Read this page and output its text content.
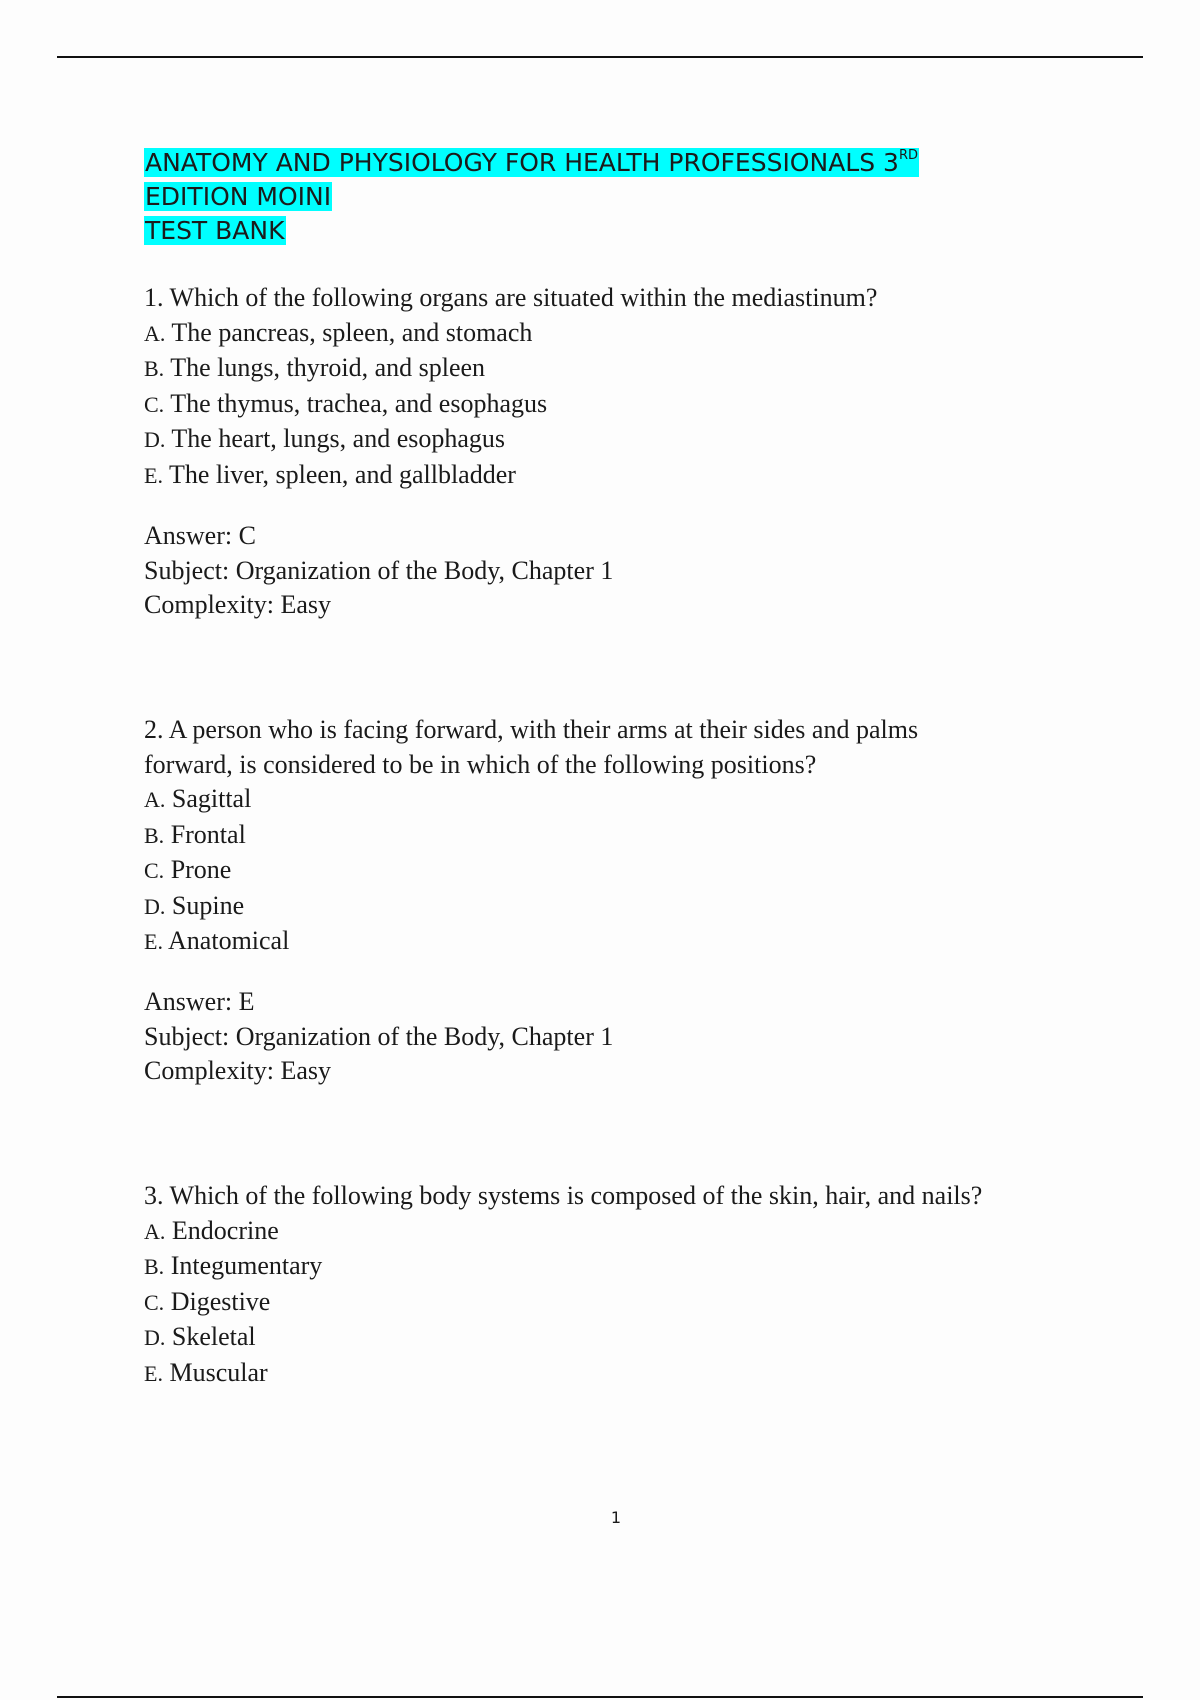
ANATOMY AND PHYSIOLOGY FOR HEALTH PROFESSIONALS 3RD
EDITION MOINI
TEST BANK

1. Which of the following organs are situated within the mediastinum?

A. The pancreas, spleen, and stomach
B. The lungs, thyroid, and spleen
C. The thymus, trachea, and esophagus
D. The heart, lungs, and esophagus
E. The liver, spleen, and gallbladder

Answer: C

Subject: Organization of the Body, Chapter 1

Complexity: Easy

2. A person who is facing forward, with their arms at their sides and palms

forward, is considered to be in which of the following positions?

A. Sagittal
B. Frontal
C. Prone
D. Supine
E. Anatomical

Answer: E

Subject: Organization of the Body, Chapter 1

Complexity: Easy

3. Which of the following body systems is composed of the skin, hair, and nails?

A. Endocrine
B. Integumentary
C. Digestive
D. Skeletal
E. Muscular
1
